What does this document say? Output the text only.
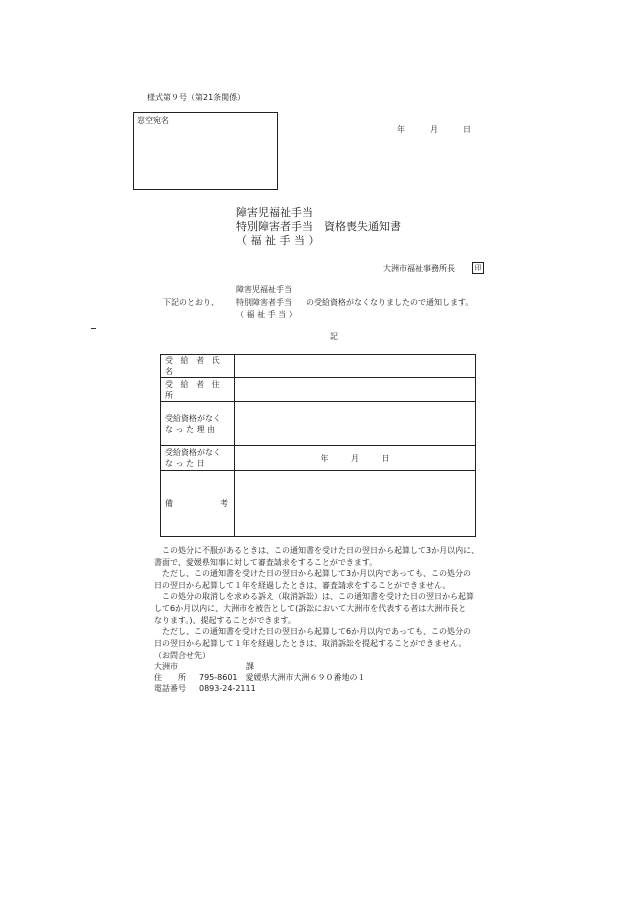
様式第９号（第21条関係）
窓空宛名
年	月	日
障害児福祉手当
特別障害者手当　資格喪失通知書
（ 福 祉 手 当 ）
大洲市福祉事務所長	印
障害児福祉手当
下記のとおり、 特別障害者手当 の受給資格がなくなりましたので通知します。
（ 福 祉 手 当 ）
記
受 給 者 氏 名	

受 給 者 住 所	

受給資格がなく
な っ た 理 由	

受給資格がなく
な っ た 日	年 月 日

備 考	

　この処分に不服があるときは、この通知書を受けた日の翌日から起算して3か月以内に、

書面で、愛媛県知事に対して審査請求をすることができます。

　ただし、この通知書を受けた日の翌日から起算して3か月以内であっても、この処分の

日の翌日から起算して１年を経過したときは、審査請求をすることができません。

　この処分の取消しを求める訴え（取消訴訟）は、この通知書を受けた日の翌日から起算

して6か月以内に、大洲市を被告として(訴訟において大洲市を代表する者は大洲市長と

なります。)、提起することができます。

　ただし、この通知書を受けた日の翌日から起算して6か月以内であっても、この処分の

日の翌日から起算して１年を経過したときは、取消訴訟を提起することができません。

（お問合せ先）
大洲市	課
住　　所 795-8601　 愛媛県大洲市大洲６９０番地の１
電話番号 0893-24-2111
